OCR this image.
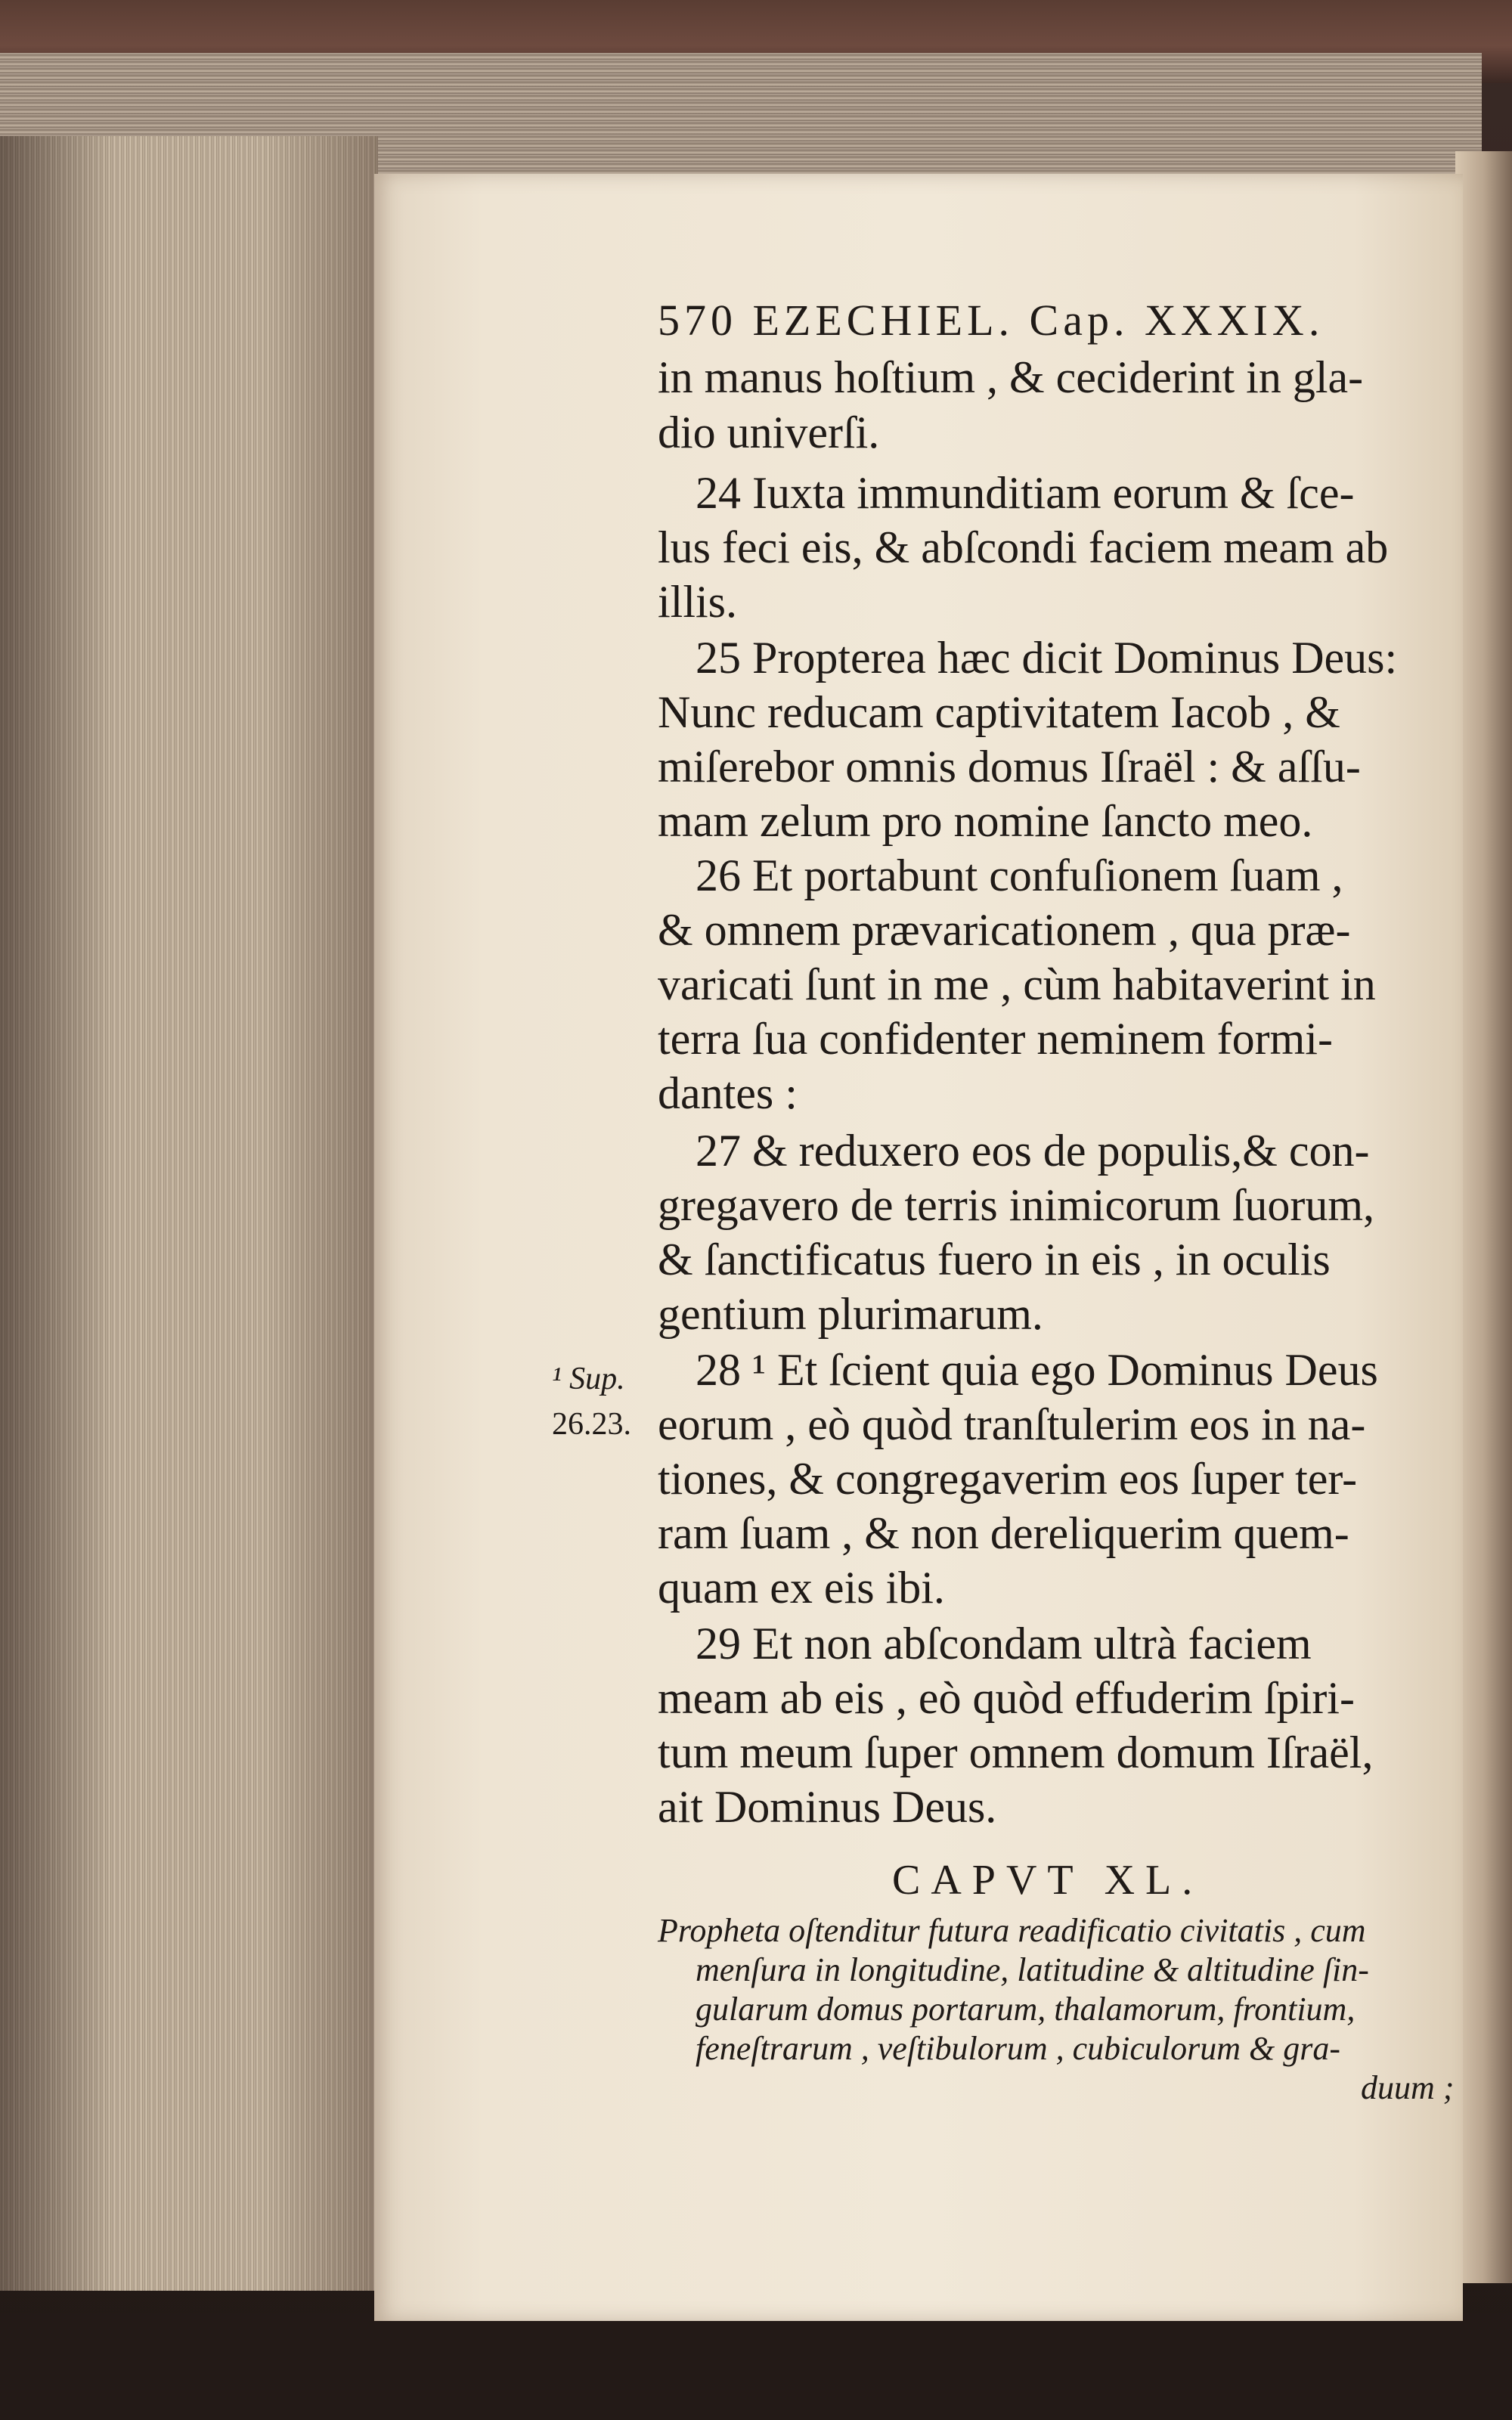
570 EZECHIEL. Cap. XXXIX.
in manus hoſtium , & ceciderint in gla-
dio univerſi.
24 Iuxta immunditiam eorum & ſce-
lus feci eis, & abſcondi faciem meam ab
illis.
25 Propterea hæc dicit Dominus Deus:
Nunc reducam captivitatem Iacob , &
miſerebor omnis domus Iſraël : & aſſu-
mam zelum pro nomine ſancto meo.
26 Et portabunt confuſionem ſuam ,
& omnem prævaricationem , qua præ-
varicati ſunt in me , cùm habitaverint in
terra ſua confidenter neminem formi-
dantes :
27 & reduxero eos de populis,& con-
gregavero de terris inimicorum ſuorum,
& ſanctificatus fuero in eis , in oculis
gentium plurimarum.
28 ¹ Et ſcient quia ego Dominus Deus
eorum , eò quòd tranſtulerim eos in na-
tiones, & congregaverim eos ſuper ter-
ram ſuam , & non dereliquerim quem-
quam ex eis ibi.
29 Et non abſcondam ultrà faciem
meam ab eis , eò quòd effuderim ſpiri-
tum meum ſuper omnem domum Iſraël,
ait Dominus Deus.
¹ Sup.
26.23.
CAPVT XL.
Propheta oſtenditur futura readificatio civitatis , cum
menſura in longitudine, latitudine & altitudine ſin-
gularum domus portarum, thalamorum, frontium,
feneſtrarum , veſtibulorum , cubiculorum & gra-
duum ;
